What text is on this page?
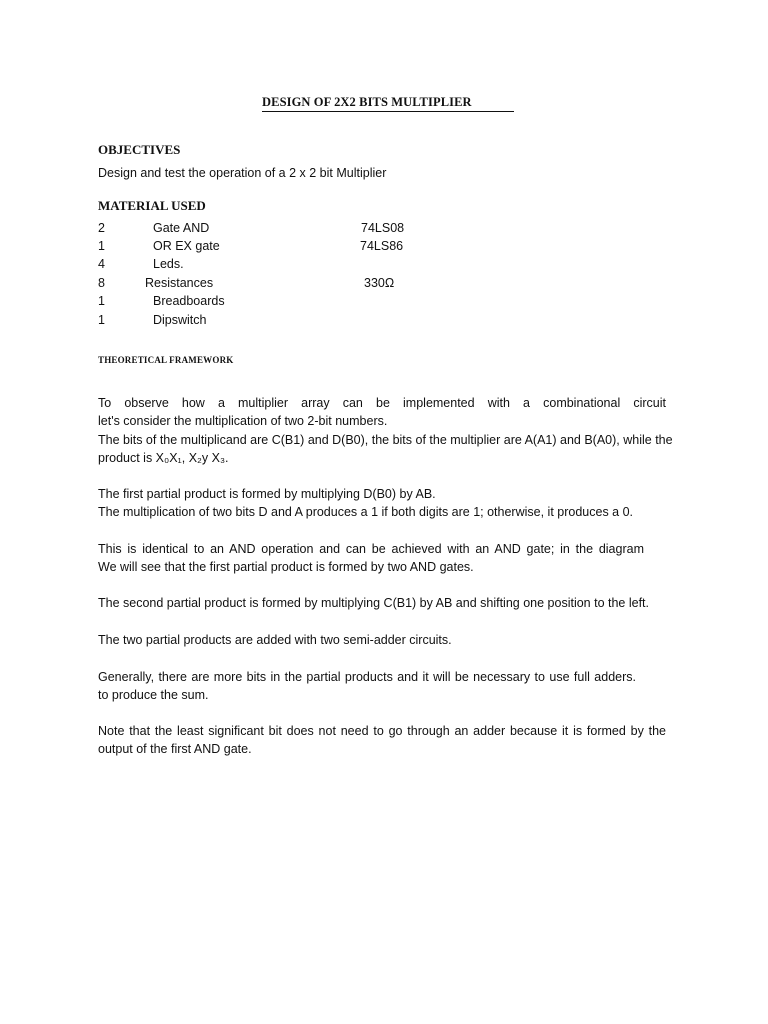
DESIGN OF 2X2 BITS MULTIPLIER
OBJECTIVES
Design and test the operation of a 2 x 2 bit Multiplier
MATERIAL USED
2	Gate AND	74LS08
1	OR EX gate	74LS86
4	Leds.
8	Resistances	330Ω
1	Breadboards
1	Dipswitch
THEORETICAL FRAMEWORK
To observe how a multiplier array can be implemented with a combinational circuit
let's consider the multiplication of two 2-bit numbers.
The bits of the multiplicand are C(B1) and D(B0), the bits of the multiplier are A(A1) and B(A0), while the
product is X₀X₁, X₂y X₃.
The first partial product is formed by multiplying D(B0) by AB.
The multiplication of two bits D and A produces a 1 if both digits are 1; otherwise, it produces a 0.
This is identical to an AND operation and can be achieved with an AND gate; in the diagram
We will see that the first partial product is formed by two AND gates.
The second partial product is formed by multiplying C(B1) by AB and shifting one position to the left.
The two partial products are added with two semi-adder circuits.
Generally, there are more bits in the partial products and it will be necessary to use full adders.
to produce the sum.
Note that the least significant bit does not need to go through an adder because it is formed by the
output of the first AND gate.
